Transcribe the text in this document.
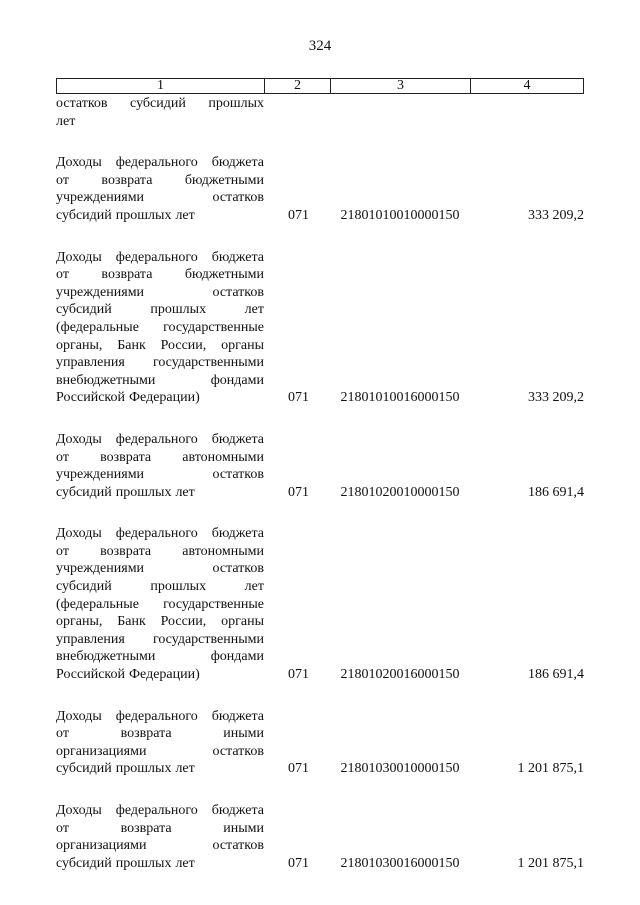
324
1	2	3	4
остатков субсидий прошлых
лет
Доходы федерального бюджета
от возврата бюджетными
учреждениями остатков
субсидий прошлых лет	071	21801010010000150	333 209,2
Доходы федерального бюджета
от возврата бюджетными
учреждениями остатков
субсидий прошлых лет
(федеральные государственные
органы, Банк России, органы
управления государственными
внебюджетными фондами
Российской Федерации)	071	21801010016000150	333 209,2
Доходы федерального бюджета
от возврата автономными
учреждениями остатков
субсидий прошлых лет	071	21801020010000150	186 691,4
Доходы федерального бюджета
от возврата автономными
учреждениями остатков
субсидий прошлых лет
(федеральные государственные
органы, Банк России, органы
управления государственными
внебюджетными фондами
Российской Федерации)	071	21801020016000150	186 691,4
Доходы федерального бюджета
от возврата иными
организациями остатков
субсидий прошлых лет	071	21801030010000150	1 201 875,1
Доходы федерального бюджета
от возврата иными
организациями остатков
субсидий прошлых лет	071	21801030016000150	1 201 875,1
